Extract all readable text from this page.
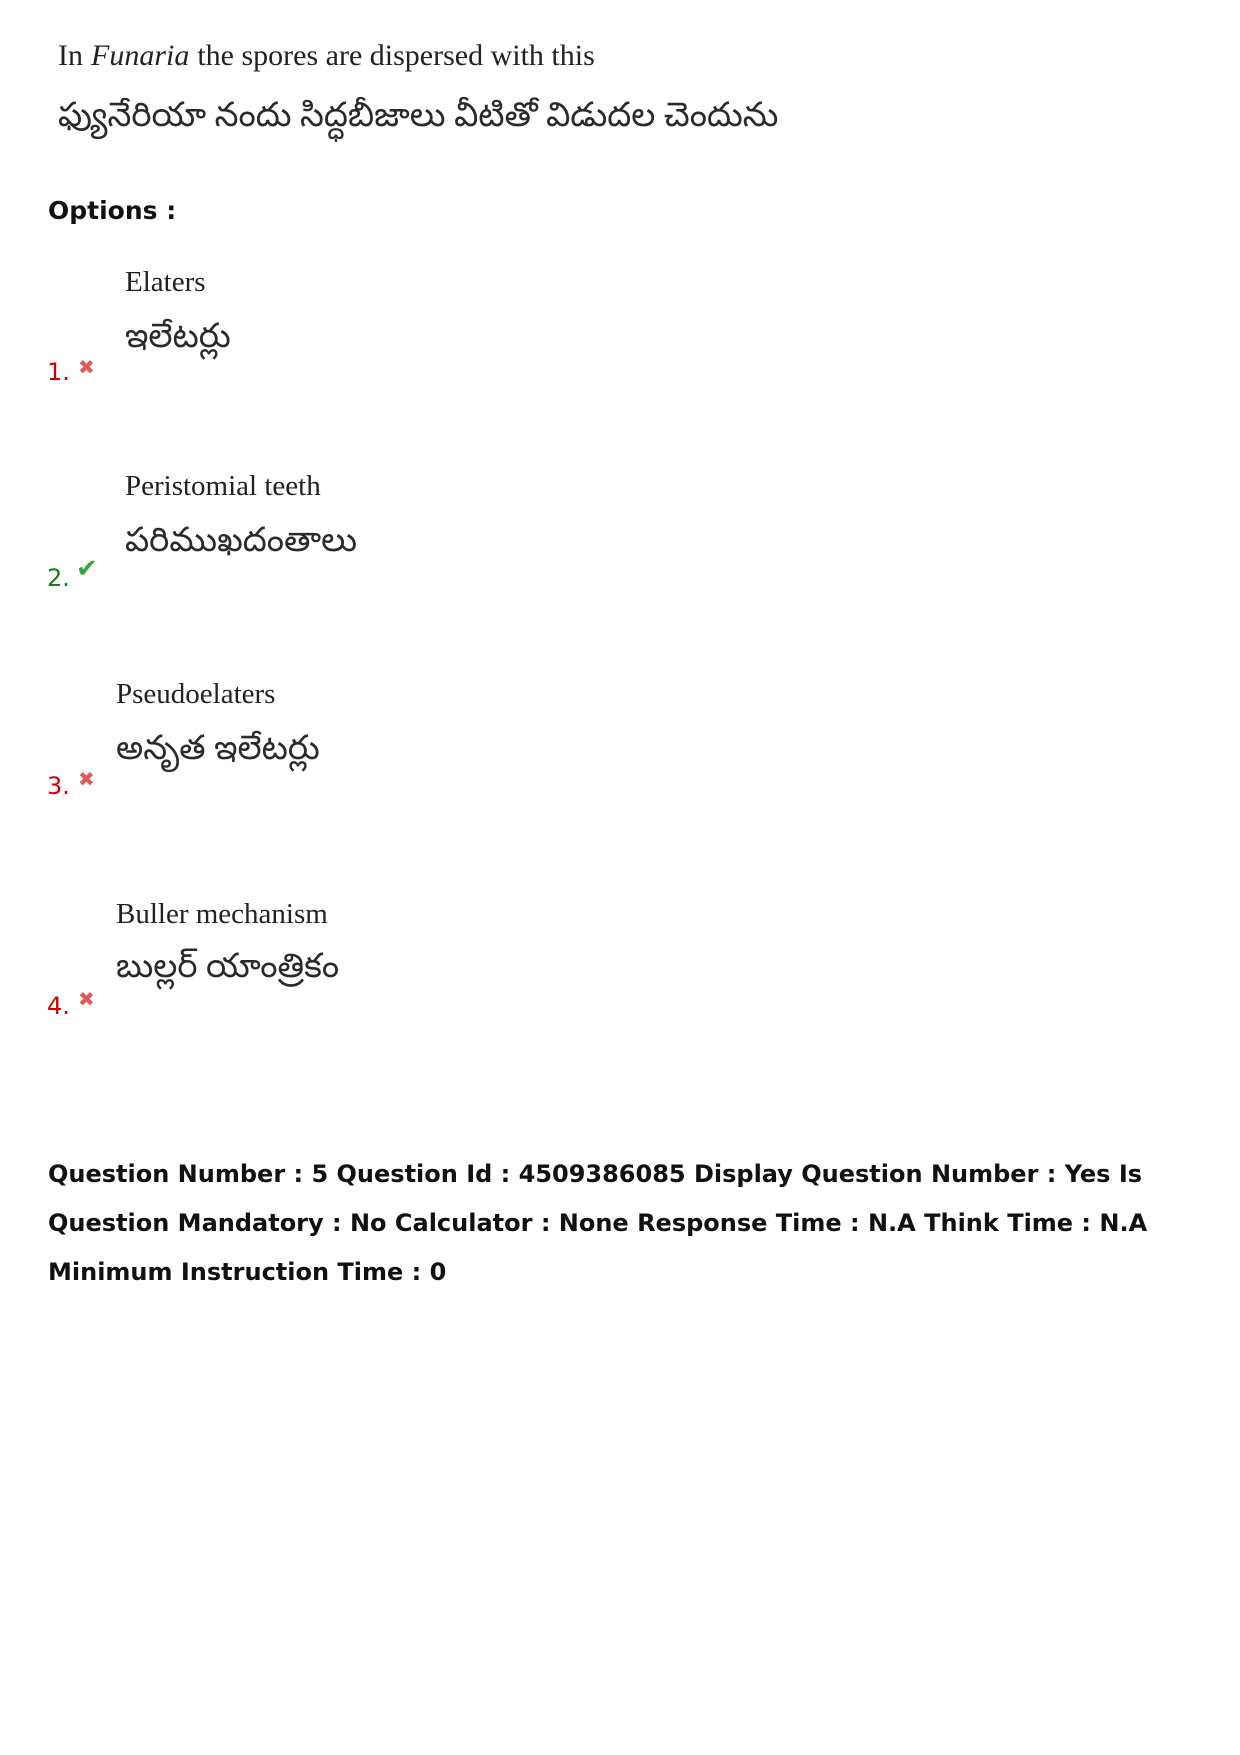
In Funaria the spores are dispersed with this
ఫ్యునేరియా నందు సిద్ధబీజాలు వీటితో విడుదల చెందును
Options :
Elaters
ఇలేటర్లు
1. ✖
Peristomial teeth
పరిముఖదంతాలు
2. ✔
Pseudoelaters
అనృత ఇలేటర్లు
3. ✖
Buller mechanism
బుల్లర్ యాంత్రికం
4. ✖
Question Number : 5 Question Id : 4509386085 Display Question Number : Yes Is Question Mandatory : No Calculator : None Response Time : N.A Think Time : N.A Minimum Instruction Time : 0
